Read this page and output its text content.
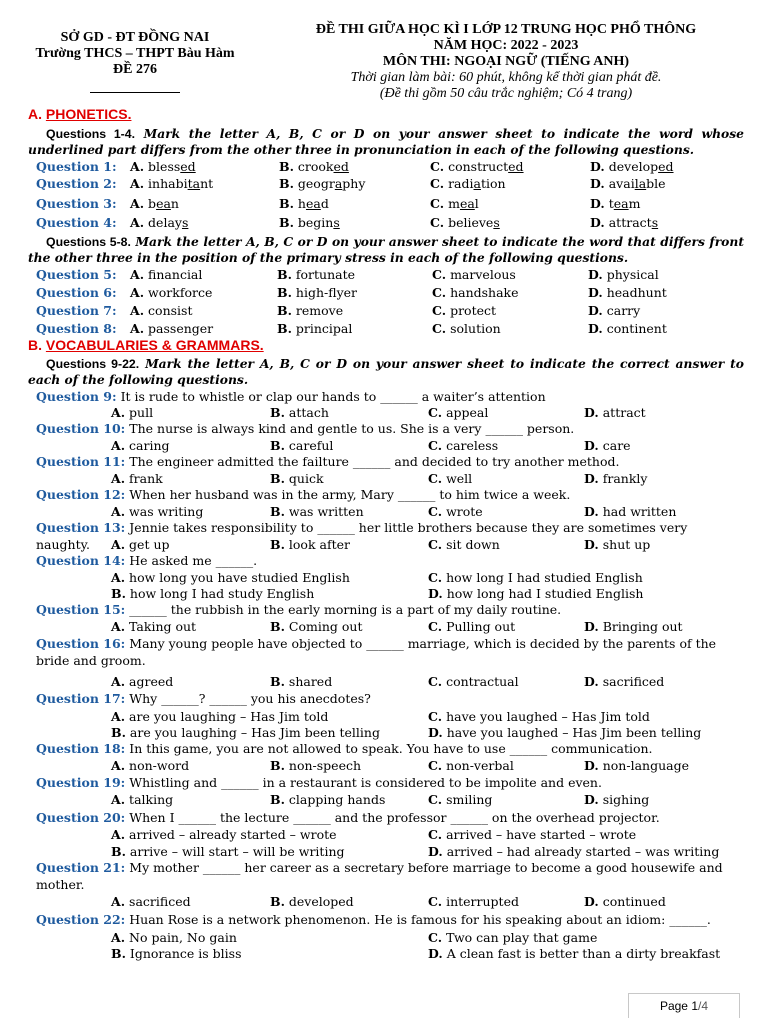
SỞ GD - ĐT ĐỒNG NAI
Trường THCS – THPT Bàu Hàm
ĐỀ 276
ĐỀ THI GIỮA HỌC KÌ I LỚP 12 TRUNG HỌC PHỔ THÔNG
NĂM HỌC: 2022 - 2023
MÔN THI: NGOẠI NGỮ (TIẾNG ANH)
Thời gian làm bài: 60 phút, không kể thời gian phát đề.
(Đề thi gồm 50 câu trắc nghiệm; Có 4 trang)
A. PHONETICS.
Questions 1-4. Mark the letter A, B, C or D on your answer sheet to indicate the word whose underlined part differs from the other three in pronunciation in each of the following questions.
Question 1: A. blessed	B. crooked	C. constructed	D. developed
Question 2: A. inhabitant	B. geography	C. radiation	D. available
Question 3: A. bean	B. head	C. meal	D. team
Question 4: A. delays	B. begins	C. believes	D. attracts
Questions 5-8. Mark the letter A, B, C or D on your answer sheet to indicate the word that differs front the other three in the position of the primary stress in each of the following questions.
Question 5: A. financial	B. fortunate	C. marvelous	D. physical
Question 6: A. workforce	B. high-flyer	C. handshake	D. headhunt
Question 7: A. consist	B. remove	C. protect	D. carry
Question 8: A. passenger	B. principal	C. solution	D. continent
B. VOCABULARIES & GRAMMARS.
Questions 9-22. Mark the letter A, B, C or D on your answer sheet to indicate the correct answer to each of the following questions.
Question 9: It is rude to whistle or clap our hands to ______ a waiter’s attention
A. pull	B. attach	C. appeal	D. attract
Question 10: The nurse is always kind and gentle to us. She is a very ______ person.
A. caring	B. careful	C. careless	D. care
Question 11: The engineer admitted the failture ______ and decided to try another method.
A. frank	B. quick	C. well	D. frankly
Question 12: When her husband was in the army, Mary ______ to him twice a week.
A. was writing	B. was written	C. wrote	D. had written
Question 13: Jennie takes responsibility to ______ her little brothers because they are sometimes very naughty.	A. get up	B. look after	C. sit down	D. shut up
Question 14: He asked me ______.
A. how long you have studied English	C. how long I had studied English
B. how long I had study English	D. how long had I studied English
Question 15: ______ the rubbish in the early morning is a part of my daily routine.
A. Taking out	B. Coming out	C. Pulling out	D. Bringing out
Question 16: Many young people have objected to ______ marriage, which is decided by the parents of the bride and groom.
A. agreed	B. shared	C. contractual	D. sacrificed
Question 17: Why ______? ______ you his anecdotes?
A. are you laughing – Has Jim told	C. have you laughed – Has Jim told
B. are you laughing – Has Jim been telling	D. have you laughed – Has Jim been telling
Question 18: In this game, you are not allowed to speak. You have to use ______ communication.
A. non-word	B. non-speech	C. non-verbal	D. non-language
Question 19: Whistling and ______ in a restaurant is considered to be impolite and even.
A. talking	B. clapping hands	C. smiling	D. sighing
Question 20: When I ______ the lecture ______ and the professor ______ on the overhead projector.
A. arrived – already started – wrote	C. arrived – have started – wrote
B. arrive – will start – will be writing	D. arrived – had already started – was writing
Question 21: My mother ______ her career as a secretary before marriage to become a good housewife and mother.
A. sacrificed	B. developed	C. interrupted	D. continued
Question 22: Huan Rose is a network phenomenon. He is famous for his speaking about an idiom: ______.
A. No pain, No gain	C. Two can play that game
B. Ignorance is bliss	D. A clean fast is better than a dirty breakfast
Page 1/4
